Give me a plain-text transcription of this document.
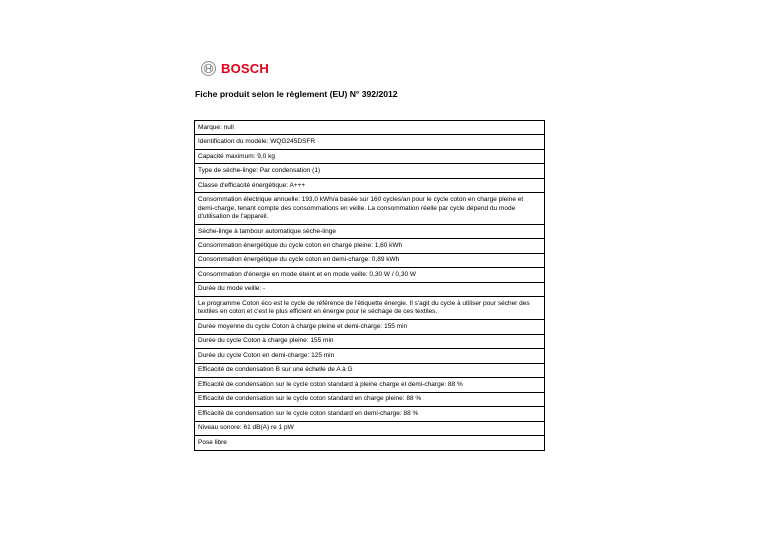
BOSCH
Fiche produit selon le règlement (EU) N° 392/2012
Marque: null
Identification du modèle: WQG245DSFR
Capacité maximum: 9,0 kg
Type de sèche-linge: Par condensation (1)
Classe d'efficacité énergétique: A+++
Consommation électrique annuelle: 193,0 kWh/a basée sur 160 cycles/an pour le cycle coton en charge pleine et demi-charge, tenant compte des consommations en veille. La consommation réelle par cycle dépend du mode d'utilisation de l'appareil.
Sèche-linge à tambour automatique sèche-linge
Consommation énergétique du cycle coton en charge pleine: 1,60 kWh
Consommation énergétique du cycle coton en demi-charge: 0,89 kWh
Consommation d'énergie en mode éteint et en mode veille: 0,30 W / 0,30 W
Durée du mode veille: -
Le programme Coton éco est le cycle de référence de l'étiquette énergie. Il s'agit du cycle à utiliser pour sécher des textiles en coton et c'est le plus efficient en énergie pour le séchage de ces textiles.
Durée moyenne du cycle Coton à charge pleine et demi-charge: 155 min
Durée du cycle Coton à charge pleine: 155 min
Durée du cycle Coton en demi-charge: 125 min
Efficacité de condensation B sur une échelle de A à G
Efficacité de condensation sur le cycle coton standard à pleine charge et demi-charge: 88 %
Efficacité de condensation sur le cycle coton standard en charge pleine: 88 %
Efficacité de condensation sur le cycle coton standard en demi-charge: 88 %
Niveau sonore: 61 dB(A) re 1 pW
Pose libre
